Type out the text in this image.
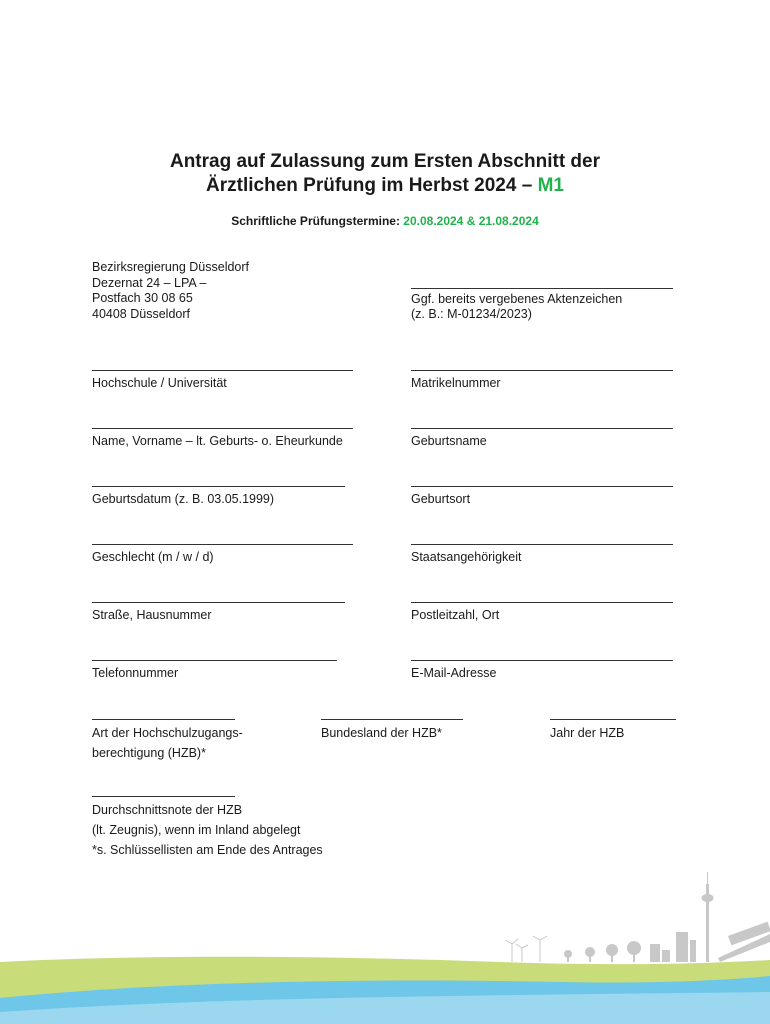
Antrag auf Zulassung zum Ersten Abschnitt der
Ärztlichen Prüfung im Herbst 2024 – M1
Schriftliche Prüfungstermine: 20.08.2024 & 21.08.2024
Bezirksregierung Düsseldorf
Dezernat 24 – LPA –
Postfach 30 08 65
40408 Düsseldorf
Ggf. bereits vergebenes Aktenzeichen
(z. B.: M-01234/2023)
Hochschule / Universität	Matrikelnummer
Name, Vorname – lt. Geburts- o. Eheurkunde	Geburtsname
Geburtsdatum (z. B. 03.05.1999)	Geburtsort
Geschlecht (m / w / d)	Staatsangehörigkeit
Straße, Hausnummer	Postleitzahl, Ort
Telefonnummer	E-Mail-Adresse
Art der Hochschulzugangs-
berechtigung (HZB)*
Bundesland der HZB*	Jahr der HZB
Durchschnittsnote der HZB
(lt. Zeugnis), wenn im Inland abgelegt
*s. Schlüssellisten am Ende des Antrages
